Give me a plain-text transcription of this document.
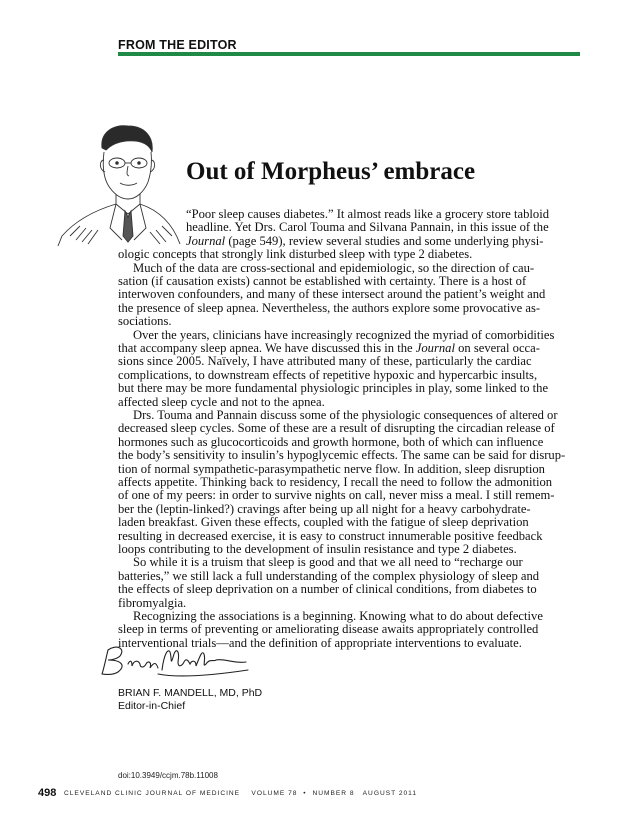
FROM THE EDITOR
Out of Morpheus’ embrace
“Poor sleep causes diabetes.” It almost reads like a grocery store tabloid
headline. Yet Drs. Carol Touma and Silvana Pannain, in this issue of the
Journal (page 549), review several studies and some underlying physi-
ologic concepts that strongly link disturbed sleep with type 2 diabetes.
Much of the data are cross-sectional and epidemiologic, so the direction of cau-
sation (if causation exists) cannot be established with certainty. There is a host of
interwoven confounders, and many of these intersect around the patient’s weight and
the presence of sleep apnea. Nevertheless, the authors explore some provocative as-
sociations.
Over the years, clinicians have increasingly recognized the myriad of comorbidities
that accompany sleep apnea. We have discussed this in the Journal on several occa-
sions since 2005. Naïvely, I have attributed many of these, particularly the cardiac
complications, to downstream effects of repetitive hypoxic and hypercarbic insults,
but there may be more fundamental physiologic principles in play, some linked to the
affected sleep cycle and not to the apnea.
Drs. Touma and Pannain discuss some of the physiologic consequences of altered or
decreased sleep cycles. Some of these are a result of disrupting the circadian release of
hormones such as glucocorticoids and growth hormone, both of which can influence
the body’s sensitivity to insulin’s hypoglycemic effects. The same can be said for disrup-
tion of normal sympathetic-parasympathetic nerve flow. In addition, sleep disruption
affects appetite. Thinking back to residency, I recall the need to follow the admonition
of one of my peers: in order to survive nights on call, never miss a meal. I still remem-
ber the (leptin-linked?) cravings after being up all night for a heavy carbohydrate-
laden breakfast. Given these effects, coupled with the fatigue of sleep deprivation
resulting in decreased exercise, it is easy to construct innumerable positive feedback
loops contributing to the development of insulin resistance and type 2 diabetes.
So while it is a truism that sleep is good and that we all need to “recharge our
batteries,” we still lack a full understanding of the complex physiology of sleep and
the effects of sleep deprivation on a number of clinical conditions, from diabetes to
fibromyalgia.
Recognizing the associations is a beginning. Knowing what to do about defective
sleep in terms of preventing or ameliorating disease awaits appropriately controlled
interventional trials—and the definition of appropriate interventions to evaluate.
BRIAN F. MANDELL, MD, PhD
Editor-in-Chief
doi:10.3949/ccjm.78b.11008
498 CLEVELAND CLINIC JOURNAL OF MEDICINE VOLUME 78 • NUMBER 8 AUGUST 2011
